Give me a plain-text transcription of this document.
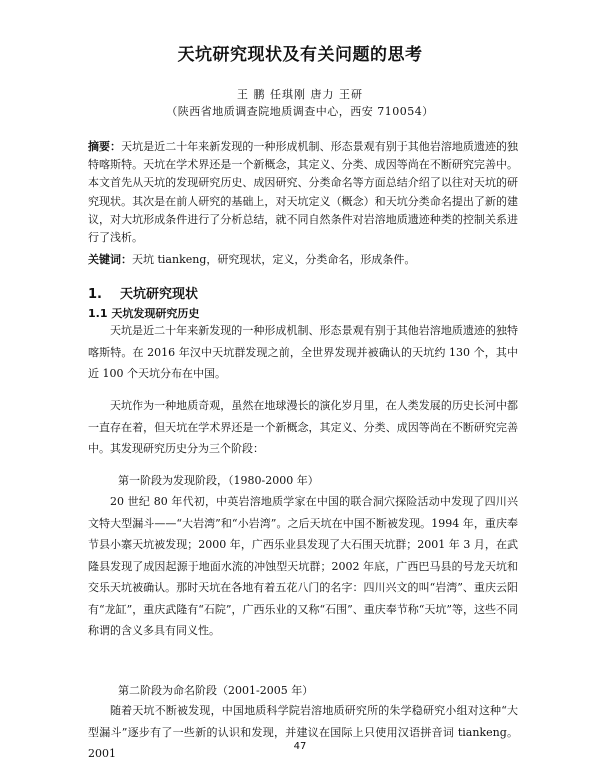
天坑研究现状及有关问题的思考
王 鹏 任琪刚 唐力 王研
（陕西省地质调查院地质调查中心，西安 710054）
摘要：天坑是近二十年来新发现的一种形成机制、形态景观有别于其他岩溶地质遗迹的独特喀斯特。天坑在学术界还是一个新概念，其定义、分类、成因等尚在不断研究完善中。本文首先从天坑的发现研究历史、成因研究、分类命名等方面总结介绍了以往对天坑的研究现状。其次是在前人研究的基础上，对天坑定义（概念）和天坑分类命名提出了新的建议，对大坑形成条件进行了分析总结，就不同自然条件对岩溶地质遗迹种类的控制关系进行了浅析。
关键词：天坑 tiankeng，研究现状，定义，分类命名，形成条件。
1. 天坑研究现状
1.1 天坑发现研究历史
天坑是近二十年来新发现的一种形成机制、形态景观有别于其他岩溶地质遗迹的独特喀斯特。在 2016 年汉中天坑群发现之前，全世界发现并被确认的天坑约 130 个，其中近 100 个天坑分布在中国。
天坑作为一种地质奇观，虽然在地球漫长的演化岁月里，在人类发展的历史长河中都一直存在着，但天坑在学术界还是一个新概念，其定义、分类、成因等尚在不断研究完善中。其发现研究历史分为三个阶段：
第一阶段为发现阶段，（1980-2000 年）
20 世纪 80 年代初，中英岩溶地质学家在中国的联合洞穴探险活动中发现了四川兴文特大型漏斗——“大岩湾”和“小岩湾”。之后天坑在中国不断被发现。1994 年，重庆奉节县小寨天坑被发现；2000 年，广西乐业县发现了大石围天坑群；2001 年 3 月，在武隆县发现了成因起源于地面水流的冲蚀型天坑群；2002 年底，广西巴马县的号龙天坑和交乐天坑被确认。那时天坑在各地有着五花八门的名字：四川兴文的叫“岩湾”、重庆云阳有“龙缸”，重庆武隆有“石院”，广西乐业的又称“石围”、重庆奉节称“天坑”等，这些不同称谓的含义多具有同义性。
第二阶段为命名阶段（2001-2005 年）
随着天坑不断被发现，中国地质科学院岩溶地质研究所的朱学稳研究小组对这种“大型漏斗”逐步有了一些新的认识和发现，并建议在国际上只使用汉语拼音词 tiankeng。2001
47
